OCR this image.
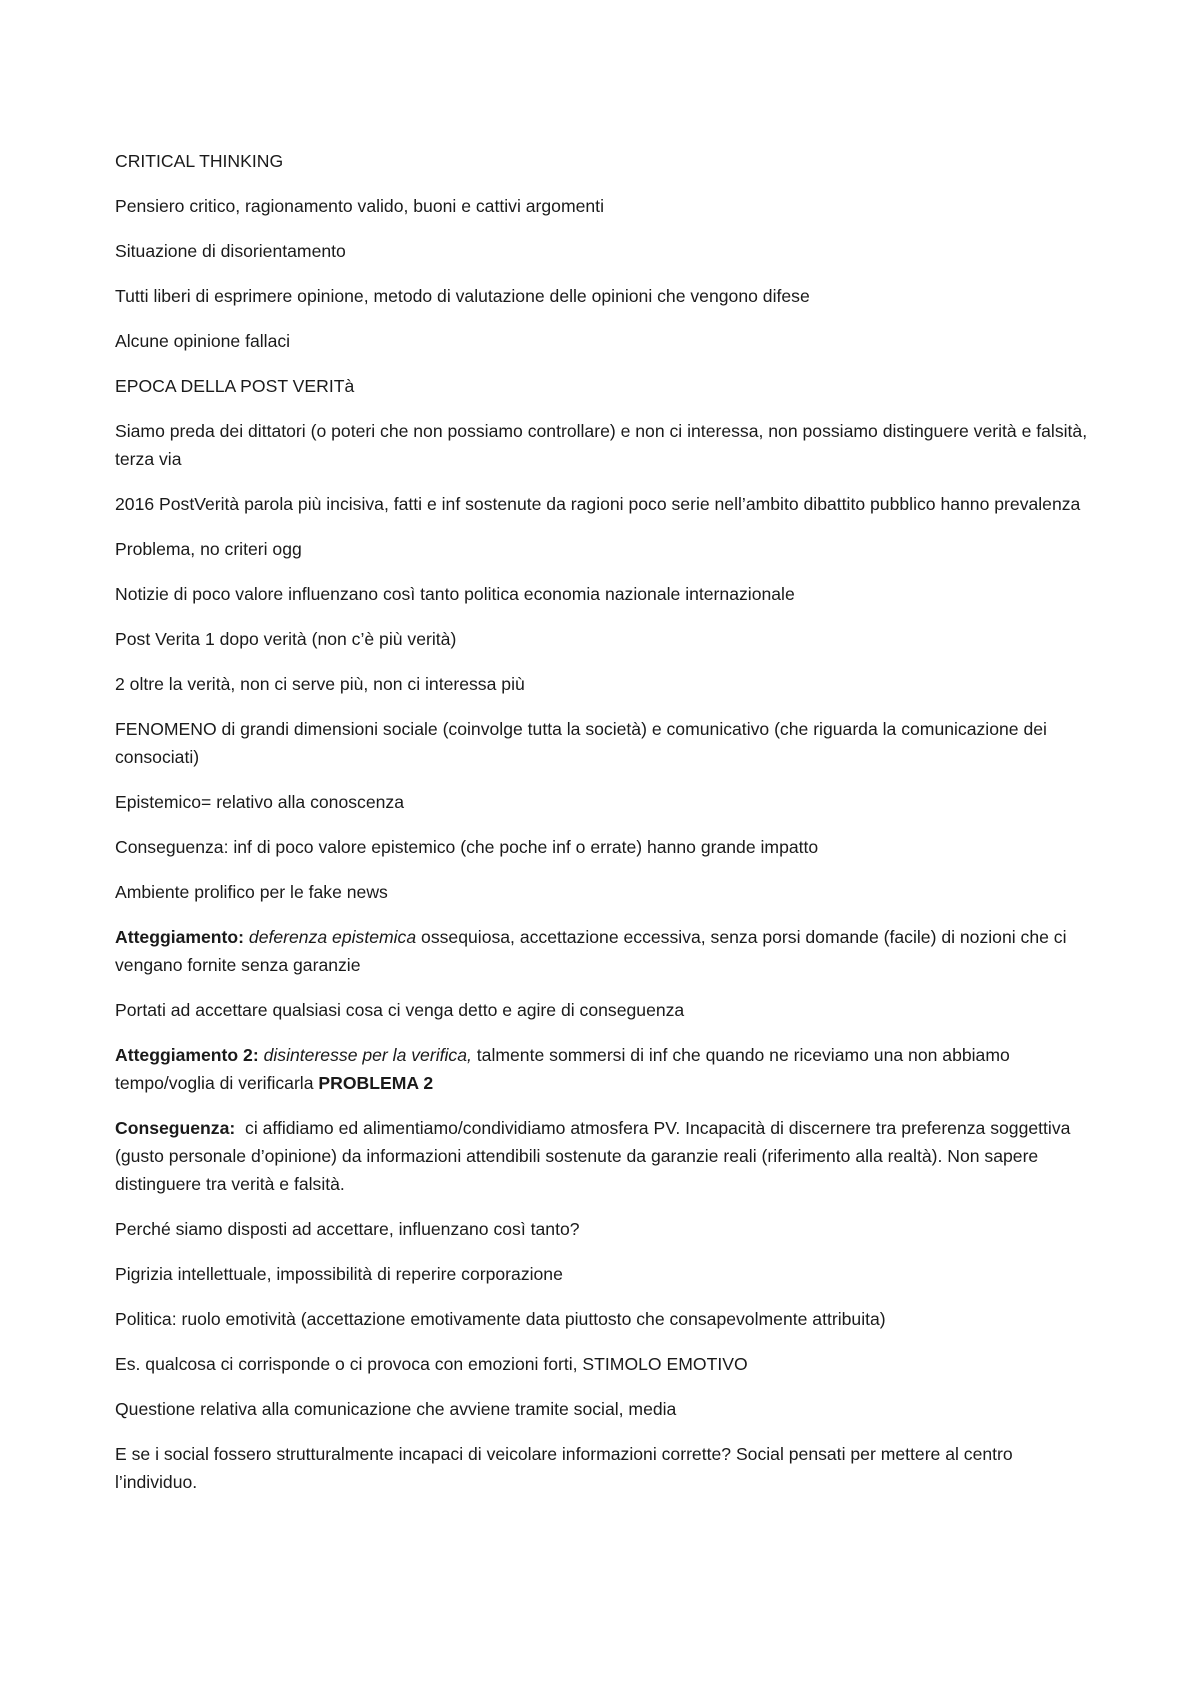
CRITICAL THINKING

Pensiero critico, ragionamento valido, buoni e cattivi argomenti

Situazione di disorientamento

Tutti liberi di esprimere opinione, metodo di valutazione delle opinioni che vengono difese

Alcune opinione fallaci

EPOCA DELLA POST VERITà

Siamo preda dei dittatori (o poteri che non possiamo controllare) e non ci interessa, non possiamo distinguere verità e falsità, terza via

2016 PostVerità parola più incisiva, fatti e inf sostenute da ragioni poco serie nell’ambito dibattito pubblico hanno prevalenza

Problema, no criteri ogg

Notizie di poco valore influenzano così tanto politica economia nazionale internazionale

Post Verita 1 dopo verità (non c’è più verità)

2 oltre la verità, non ci serve più, non ci interessa più

FENOMENO di grandi dimensioni sociale (coinvolge tutta la società) e comunicativo (che riguarda la comunicazione dei consociati)

Epistemico= relativo alla conoscenza

Conseguenza: inf di poco valore epistemico (che poche inf o errate) hanno grande impatto

Ambiente prolifico per le fake news

Atteggiamento: deferenza epistemica ossequiosa, accettazione eccessiva, senza porsi domande (facile) di nozioni che ci vengano fornite senza garanzie

Portati ad accettare qualsiasi cosa ci venga detto e agire di conseguenza

Atteggiamento 2: disinteresse per la verifica, talmente sommersi di inf che quando ne riceviamo una non abbiamo tempo/voglia di verificarla PROBLEMA 2

Conseguenza: ci affidiamo ed alimentiamo/condividiamo atmosfera PV. Incapacità di discernere tra preferenza soggettiva (gusto personale d’opinione) da informazioni attendibili sostenute da garanzie reali (riferimento alla realtà). Non sapere distinguere tra verità e falsità.

Perché siamo disposti ad accettare, influenzano così tanto?

Pigrizia intellettuale, impossibilità di reperire corporazione

Politica: ruolo emotività (accettazione emotivamente data piuttosto che consapevolmente attribuita)

Es. qualcosa ci corrisponde o ci provoca con emozioni forti, STIMOLO EMOTIVO

Questione relativa alla comunicazione che avviene tramite social, media

E se i social fossero strutturalmente incapaci di veicolare informazioni corrette? Social pensati per mettere al centro l’individuo.
